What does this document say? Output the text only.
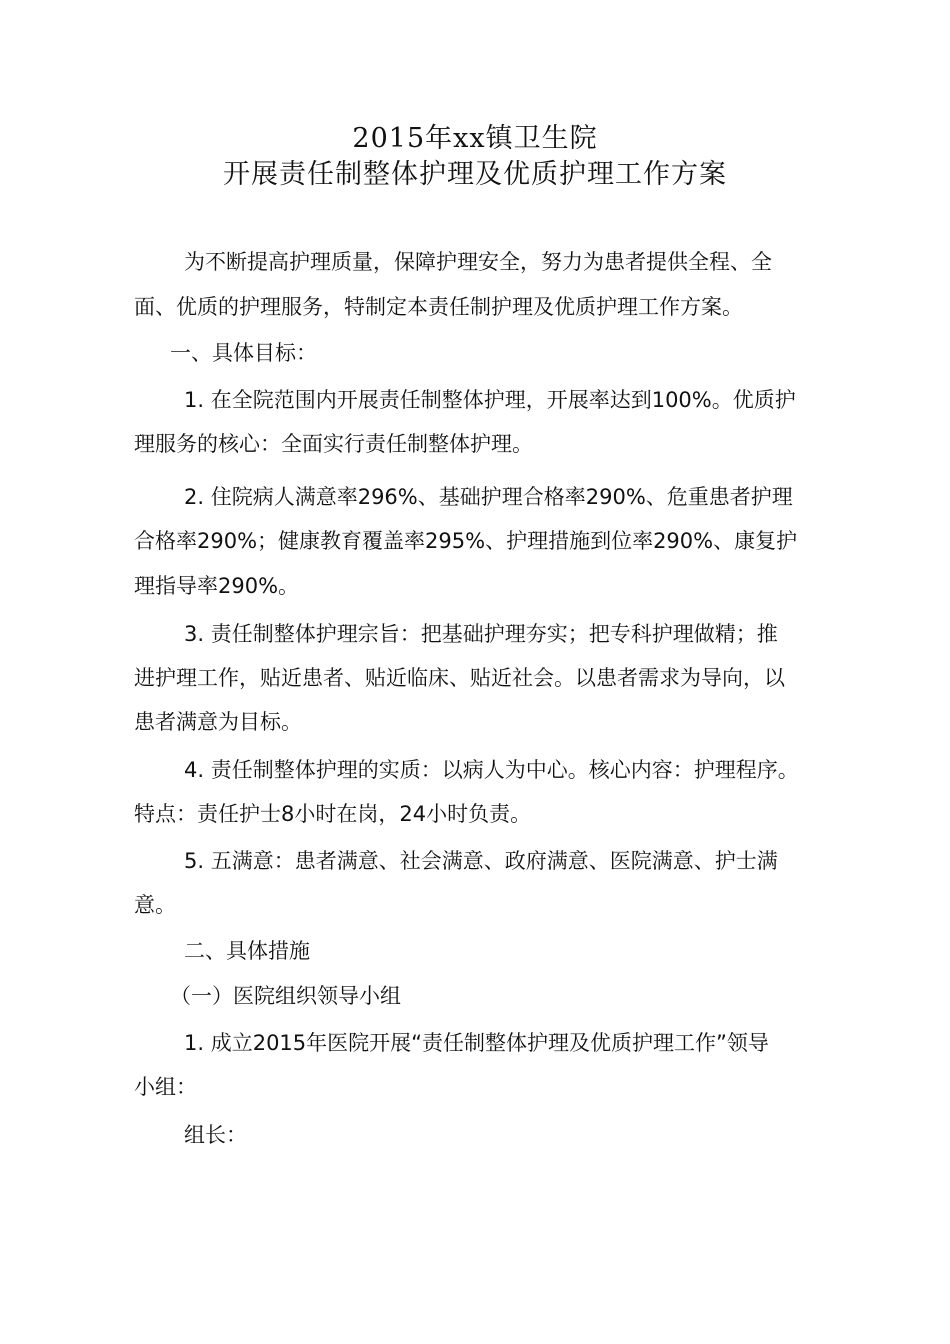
2015年xx镇卫生院
开展责任制整体护理及优质护理工作方案
为不断提高护理质量，保障护理安全，努力为患者提供全程、全
面、优质的护理服务，特制定本责任制护理及优质护理工作方案。
一、具体目标：
1. 在全院范围内开展责任制整体护理，开展率达到100%。优质护
理服务的核心：全面实行责任制整体护理。
2. 住院病人满意率296%、基础护理合格率290%、危重患者护理
合格率290%；健康教育覆盖率295%、护理措施到位率290%、康复护
理指导率290%。
3. 责任制整体护理宗旨：把基础护理夯实；把专科护理做精；推
进护理工作，贴近患者、贴近临床、贴近社会。以患者需求为导向，以
患者满意为目标。
4. 责任制整体护理的实质：以病人为中心。核心内容：护理程序。
特点：责任护士8小时在岗，24小时负责。
5. 五满意：患者满意、社会满意、政府满意、医院满意、护士满
意。
二、具体措施
（一）医院组织领导小组
1. 成立2015年医院开展“责任制整体护理及优质护理工作”领导
小组：
组长：
